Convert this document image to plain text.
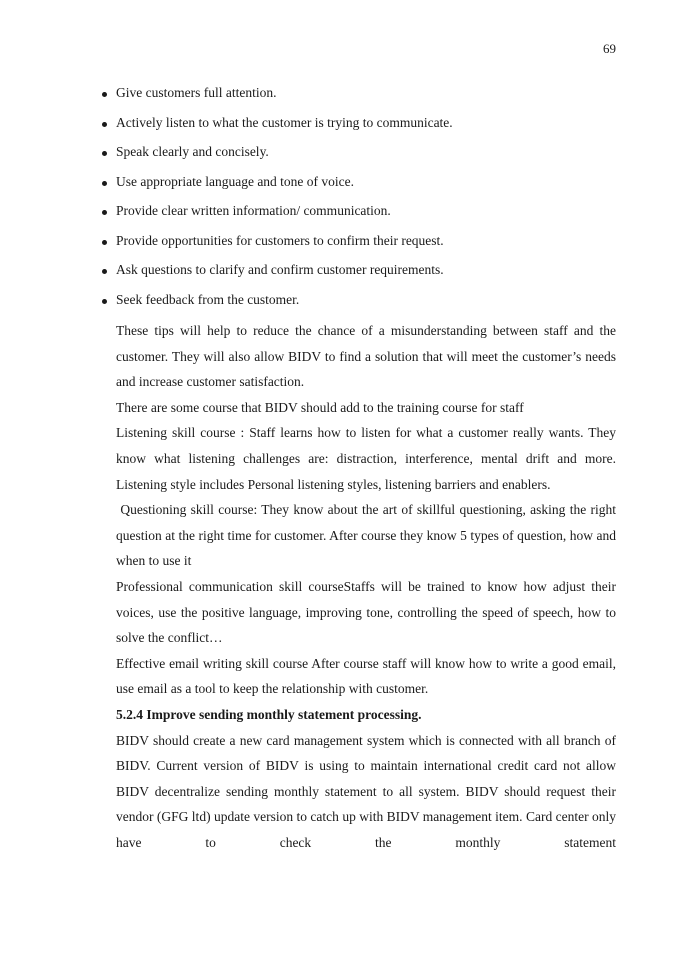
69
Give customers full attention.
Actively listen to what the customer is trying to communicate.
Speak clearly and concisely.
Use appropriate language and tone of voice.
Provide clear written information/ communication.
Provide opportunities for customers to confirm their request.
Ask questions to clarify and confirm customer requirements.
Seek feedback from the customer.

These tips will help to reduce the chance of a misunderstanding between staff and the customer. They will also allow BIDV to find a solution that will meet the customer’s needs and increase customer satisfaction.

There are some course that BIDV should add to the training course for staff

Listening skill course : Staff learns how to listen for what a customer really wants. They know what listening challenges are: distraction, interference, mental drift and more. Listening style includes Personal listening styles, listening barriers and enablers.

Questioning skill course: They know about the art of skillful questioning, asking the right question at the right time for customer. After course they know 5 types of question, how and when to use it

Professional communication skill courseStaffs will be trained to know how adjust their voices, use the positive language, improving tone, controlling the speed of speech, how to solve the conflict…

Effective email writing skill course After course staff will know how to write a good email, use email as a tool to keep the relationship with customer.

5.2.4 Improve sending monthly statement processing.

BIDV should create a new card management system which is connected with all branch of BIDV. Current version of BIDV is using to maintain international credit card not allow BIDV decentralize sending monthly statement to all system. BIDV should request their vendor (GFG ltd) update version to catch up with BIDV management item. Card center only have to check the monthly statement
